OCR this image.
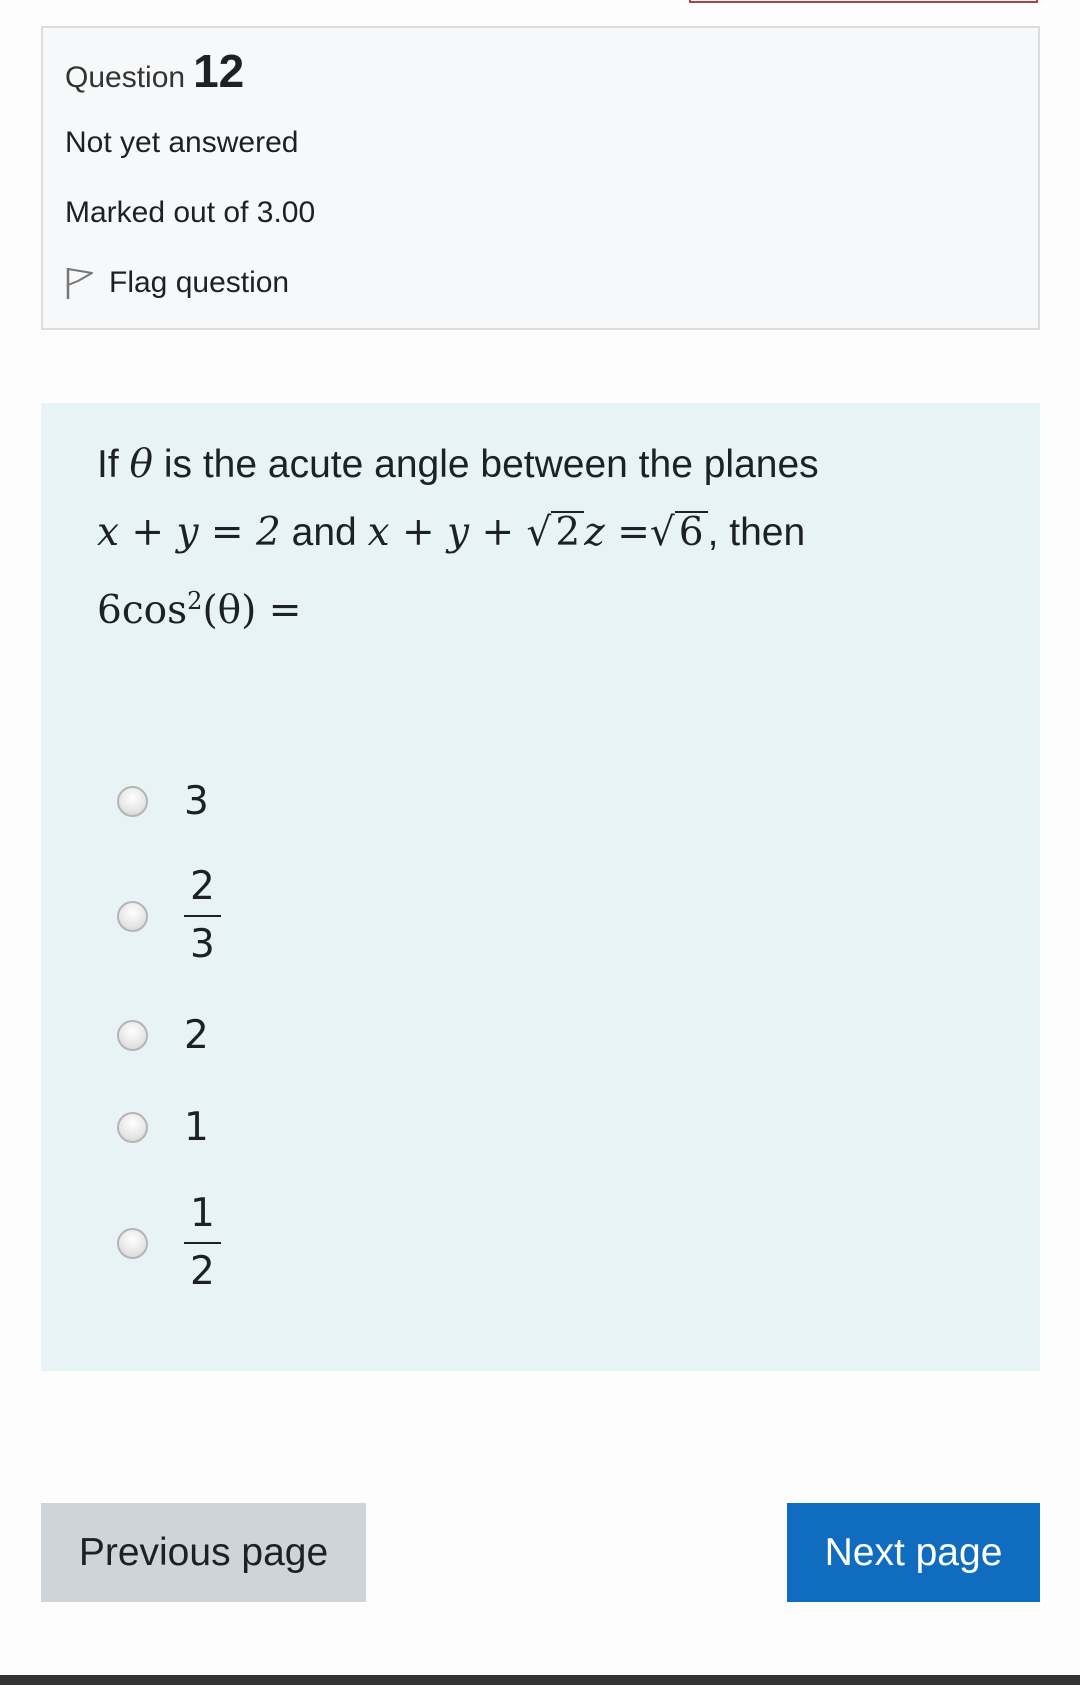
Question 12
Not yet answered
Marked out of 3.00
Flag question
If θ is the acute angle between the planes
x + y = 2 and x + y + √ 2 z =√6 , then
$6\cos^2(\theta)$ =
3
$\frac{2}{3}$
2
1
$\frac{1}{2}$
Previous page	Next page
